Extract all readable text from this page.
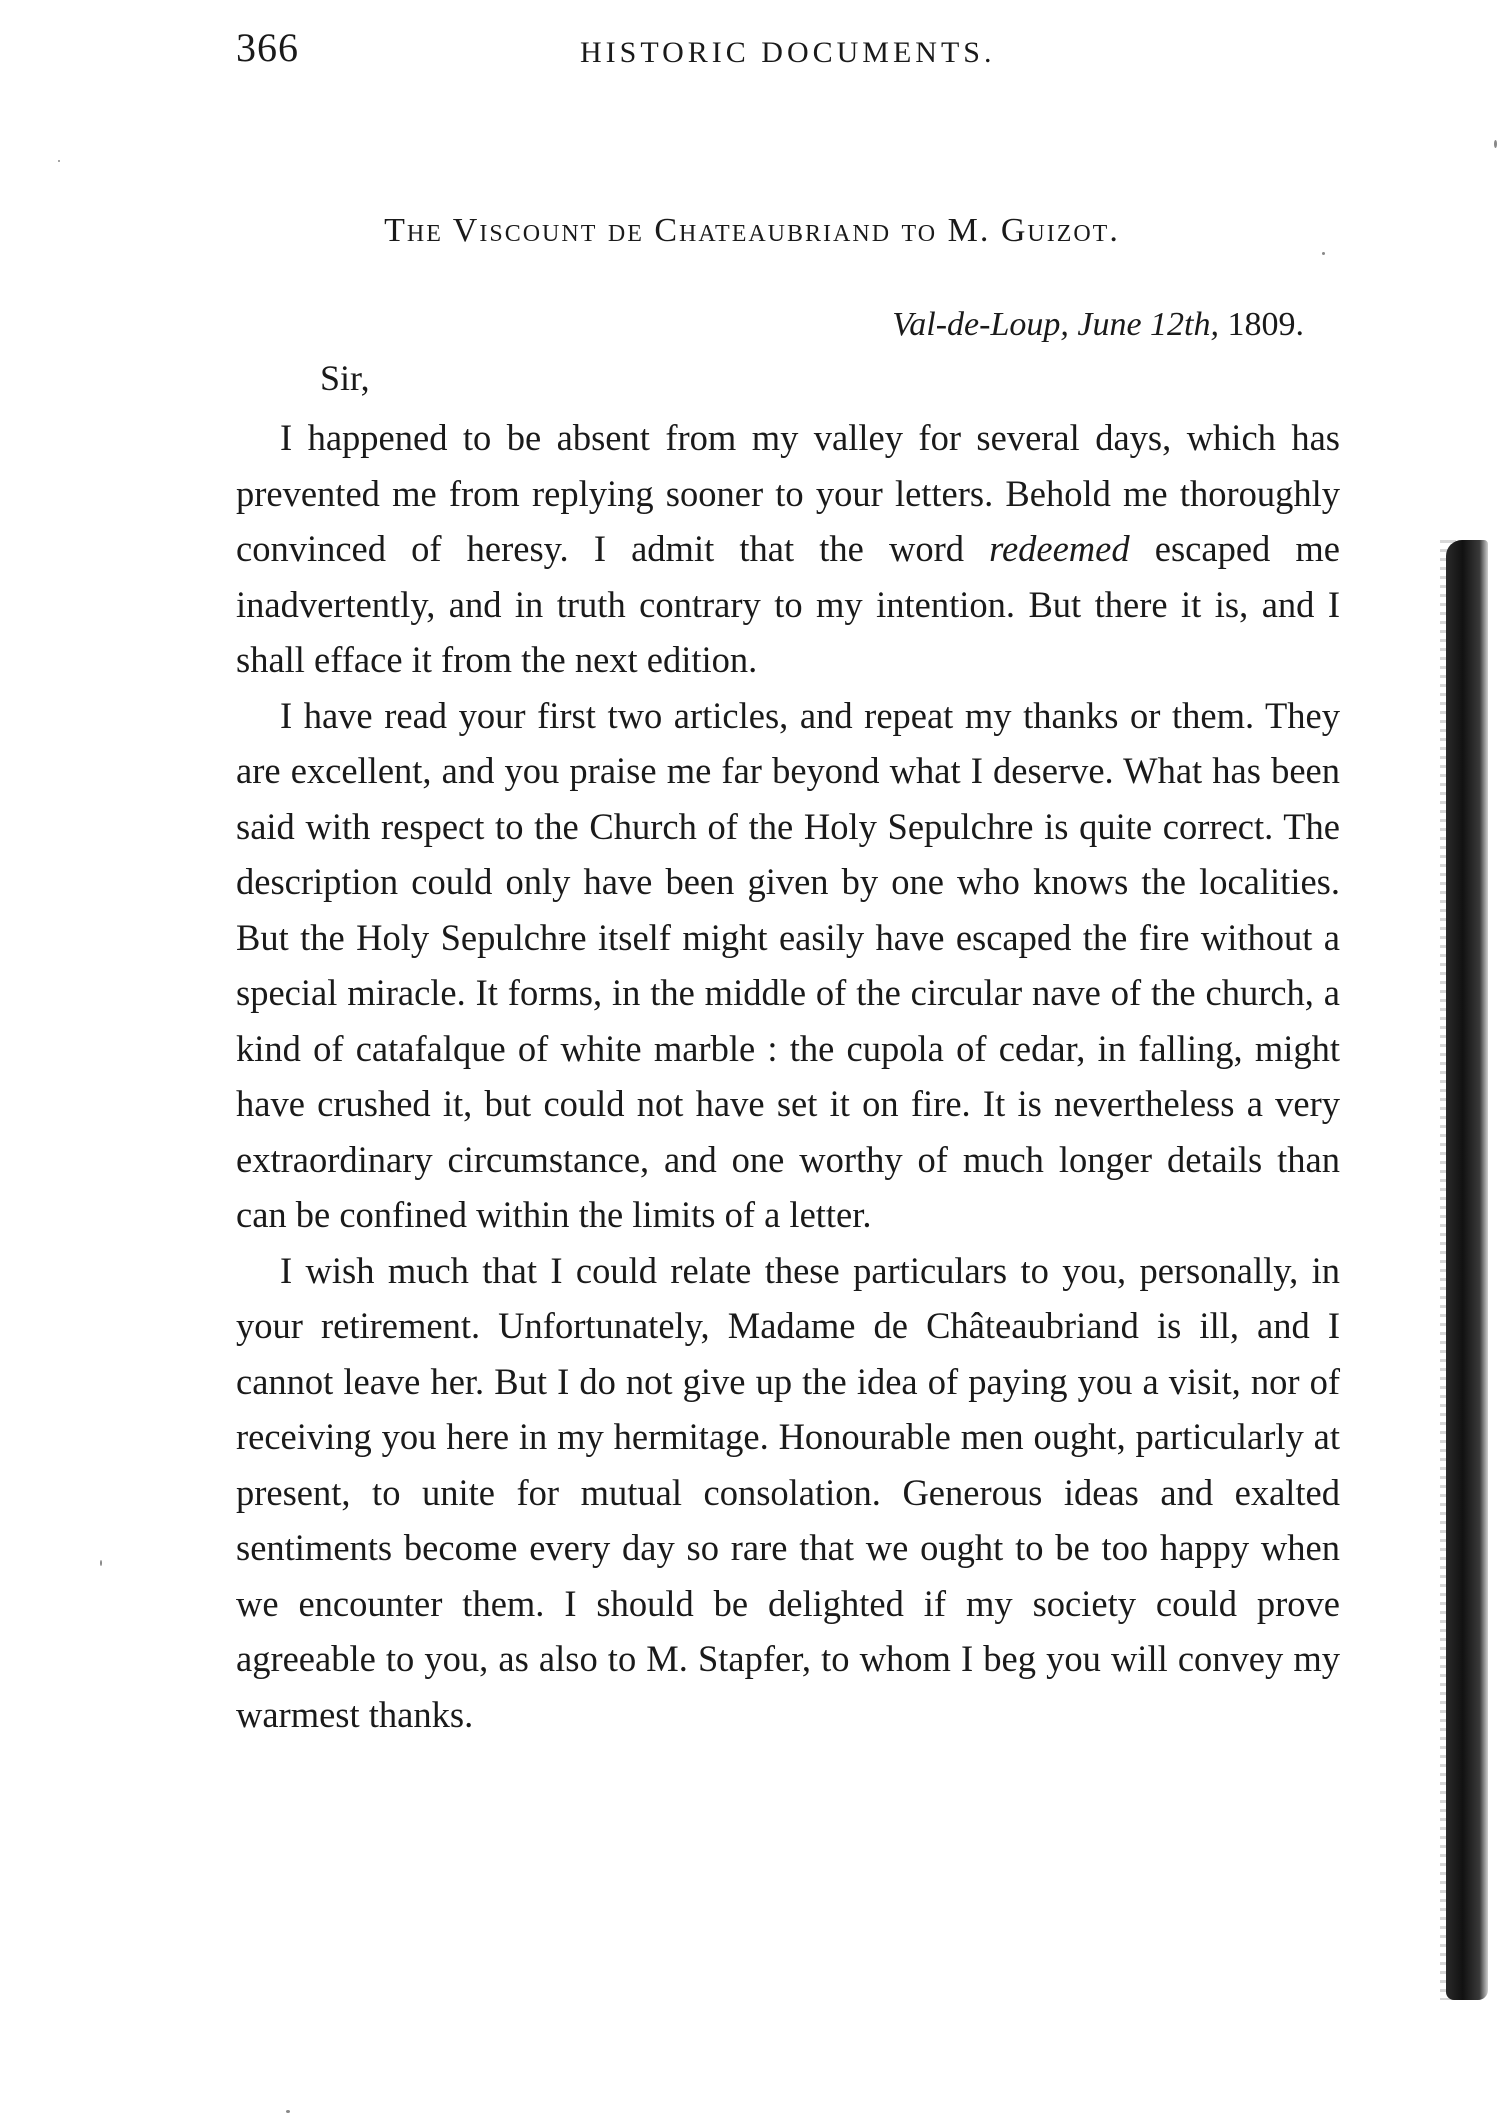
366	HISTORIC DOCUMENTS.
The Viscount de Chateaubriand to M. Guizot.
Val-de-Loup, June 12th, 1809.
Sir,

I happened to be absent from my valley for several days, which has prevented me from replying sooner to your letters. Behold me thoroughly convinced of heresy. I admit that the word redeemed escaped me inadvertently, and in truth contrary to my intention. But there it is, and I shall efface it from the next edition.

I have read your first two articles, and repeat my thanks or them. They are excellent, and you praise me far beyond what I deserve. What has been said with respect to the Church of the Holy Sepulchre is quite correct. The description could only have been given by one who knows the localities. But the Holy Sepulchre itself might easily have escaped the fire without a special miracle. It forms, in the middle of the circular nave of the church, a kind of catafalque of white marble : the cupola of cedar, in falling, might have crushed it, but could not have set it on fire. It is nevertheless a very extraordinary circumstance, and one worthy of much longer details than can be confined within the limits of a letter.

I wish much that I could relate these particulars to you, personally, in your retirement. Unfortunately, Madame de Châteaubriand is ill, and I cannot leave her. But I do not give up the idea of paying you a visit, nor of receiving you here in my hermitage. Honourable men ought, particularly at present, to unite for mutual consolation. Generous ideas and exalted sentiments become every day so rare that we ought to be too happy when we encounter them. I should be delighted if my society could prove agreeable to you, as also to M. Stapfer, to whom I beg you will convey my warmest thanks.
